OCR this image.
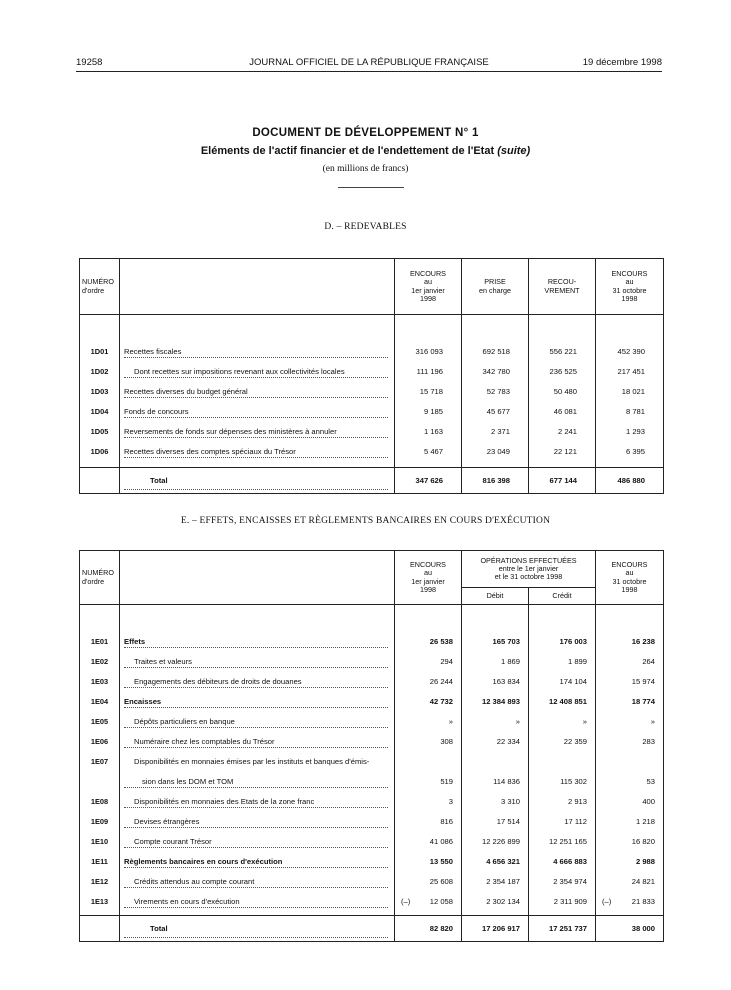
19258	JOURNAL OFFICIEL DE LA RÉPUBLIQUE FRANÇAISE	19 décembre 1998
DOCUMENT DE DÉVELOPPEMENT N° 1
Eléments de l'actif financier et de l'endettement de l'Etat (suite)
(en millions de francs)
D. – REDEVABLES
NUMÉRO
d'ordre		ENCOURS
au
1er janvier
1998	PRISE
en charge	RECOU-
VREMENT	ENCOURS
au
31 octobre
1998

1D01	Recettes fiscales	316 093	692 518	556 221	452 390
1D02	Dont recettes sur impositions revenant aux collectivités locales	111 196	342 780	236 525	217 451
1D03	Recettes diverses du budget général	15 718	52 783	50 480	18 021
1D04	Fonds de concours	9 185	45 677	46 081	8 781
1D05	Reversements de fonds sur dépenses des ministères à annuler	1 163	2 371	2 241	1 293
1D06	Recettes diverses des comptes spéciaux du Trésor	5 467	23 049	22 121	6 395

Total	347 626	816 398	677 144	486 880
E. – EFFETS, ENCAISSES ET RÈGLEMENTS BANCAIRES EN COURS D'EXÉCUTION
NUMÉRO
d'ordre		ENCOURS
au
1er janvier
1998	OPÉRATIONS EFFECTUÉES
entre le 1er janvier
et le 31 octobre 1998		ENCOURS
au
31 octobre
1998
			Débit	Crédit	

1E01	Effets	26 538	165 703	176 003	16 238
1E02	Traites et valeurs	294	1 869	1 899	264
1E03	Engagements des débiteurs de droits de douanes	26 244	163 834	174 104	15 974
1E04	Encaisses	42 732	12 384 893	12 408 851	18 774
1E05	Dépôts particuliers en banque	»	»	»	»
1E06	Numéraire chez les comptables du Trésor	308	22 334	22 359	283
1E07	Disponibilités en monnaies émises par les instituts et banques d'émis-				

sion dans les DOM et TOM	519	114 836	115 302	53
1E08	Disponibilités en monnaies des Etats de la zone franc	3	3 310	2 913	400
1E09	Devises étrangères	816	17 514	17 112	1 218
1E10	Compte courant Trésor	41 086	12 226 899	12 251 165	16 820
1E11	Règlements bancaires en cours d'exécution	13 550	4 656 321	4 666 883	2 988
1E12	Crédits attendus au compte courant	25 608	2 354 187	2 354 974	24 821
1E13	Virements en cours d'exécution	(–) 12 058	2 302 134	2 311 909	(–) 21 833

Total	82 820	17 206 917	17 251 737	38 000
